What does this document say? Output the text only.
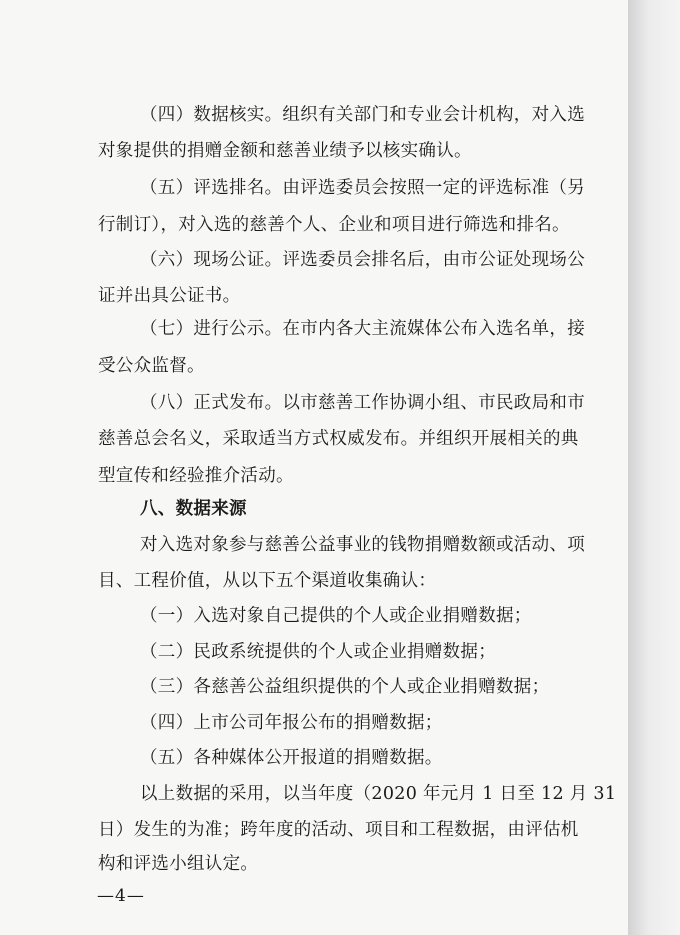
（四）数据核实。组织有关部门和专业会计机构，对入选
对象提供的捐赠金额和慈善业绩予以核实确认。
（五）评选排名。由评选委员会按照一定的评选标准（另
行制订），对入选的慈善个人、企业和项目进行筛选和排名。
（六）现场公证。评选委员会排名后，由市公证处现场公
证并出具公证书。
（七）进行公示。在市内各大主流媒体公布入选名单，接
受公众监督。
（八）正式发布。以市慈善工作协调小组、市民政局和市
慈善总会名义，采取适当方式权威发布。并组织开展相关的典
型宣传和经验推介活动。
八、数据来源
对入选对象参与慈善公益事业的钱物捐赠数额或活动、项
目、工程价值，从以下五个渠道收集确认：
（一）入选对象自己提供的个人或企业捐赠数据；
（二）民政系统提供的个人或企业捐赠数据；
（三）各慈善公益组织提供的个人或企业捐赠数据；
（四）上市公司年报公布的捐赠数据；
（五）各种媒体公开报道的捐赠数据。
以上数据的采用，以当年度（2020 年元月 1 日至 12 月 31
日）发生的为准；跨年度的活动、项目和工程数据，由评估机
构和评选小组认定。
—4—
